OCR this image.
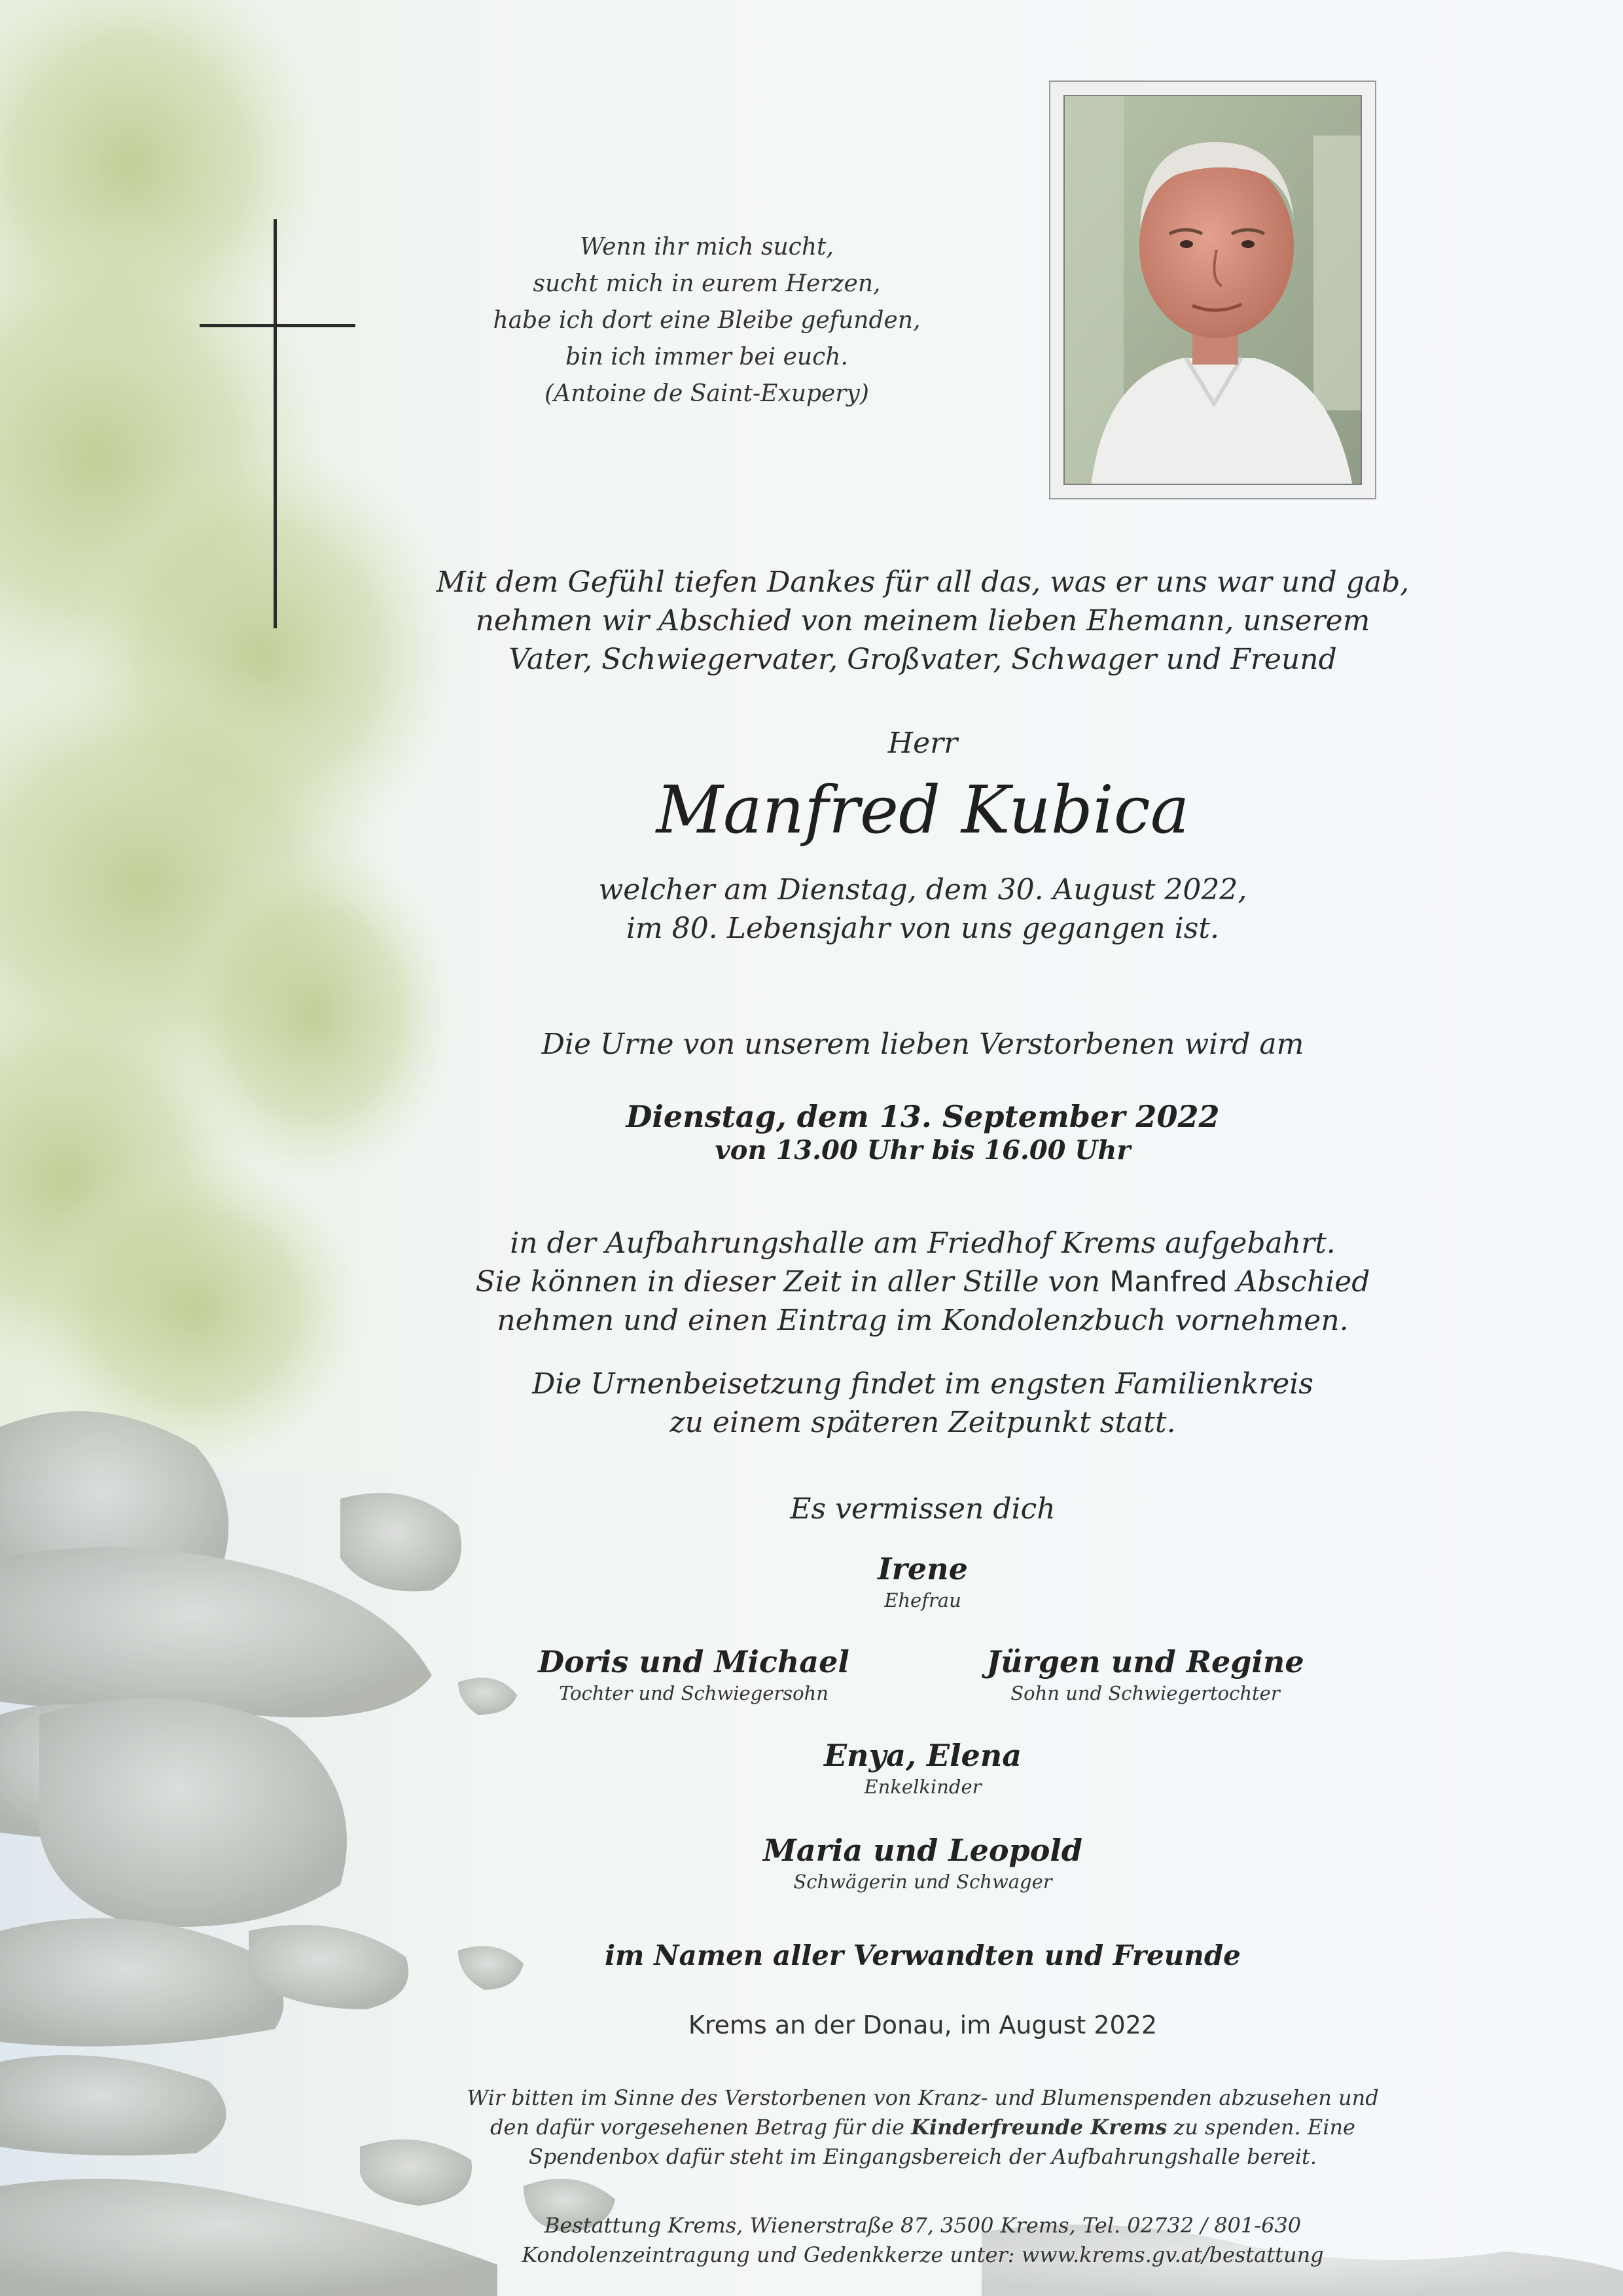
Wenn ihr mich sucht,
sucht mich in eurem Herzen,
habe ich dort eine Bleibe gefunden,
bin ich immer bei euch.
(Antoine de Saint-Exupery)
Mit dem Gefühl tiefen Dankes für all das, was er uns war und gab,
nehmen wir Abschied von meinem lieben Ehemann, unserem
Vater, Schwiegervater, Großvater, Schwager und Freund
Herr
Manfred Kubica
welcher am Dienstag, dem 30. August 2022,
im 80. Lebensjahr von uns gegangen ist.
Die Urne von unserem lieben Verstorbenen wird am
Dienstag, dem 13. September 2022
von 13.00 Uhr bis 16.00 Uhr
in der Aufbahrungshalle am Friedhof Krems aufgebahrt.
Sie können in dieser Zeit in aller Stille von Manfred Abschied
nehmen und einen Eintrag im Kondolenzbuch vornehmen.
Die Urnenbeisetzung findet im engsten Familienkreis
zu einem späteren Zeitpunkt statt.
Es vermissen dich
Irene
Ehefrau
Doris und Michael
Tochter und Schwiegersohn
Jürgen und Regine
Sohn und Schwiegertochter
Enya, Elena
Enkelkinder
Maria und Leopold
Schwägerin und Schwager
im Namen aller Verwandten und Freunde
Krems an der Donau, im August 2022
Wir bitten im Sinne des Verstorbenen von Kranz- und Blumenspenden abzusehen und
den dafür vorgesehenen Betrag für die Kinderfreunde Krems zu spenden. Eine
Spendenbox dafür steht im Eingangsbereich der Aufbahrungshalle bereit.
Bestattung Krems, Wienerstraße 87, 3500 Krems, Tel. 02732 / 801-630
Kondolenzeintragung und Gedenkkerze unter: www.krems.gv.at/bestattung
